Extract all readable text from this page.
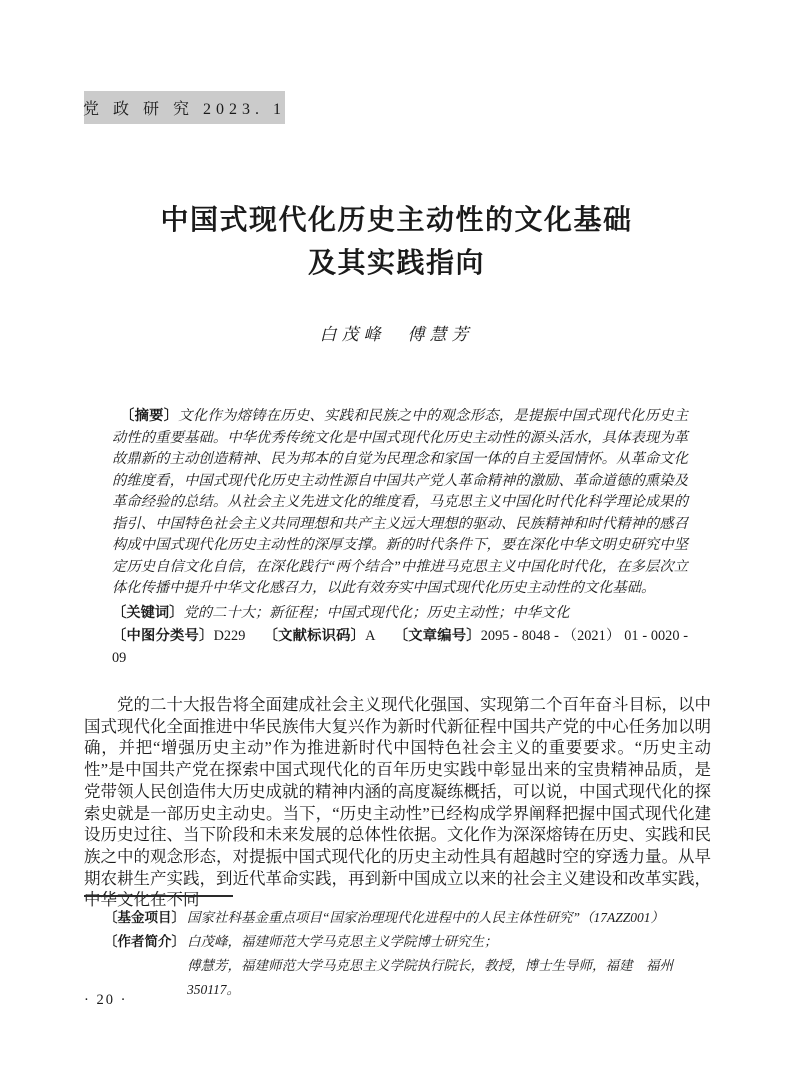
党 政 研 究 2023. 1
中国式现代化历史主动性的文化基础
及其实践指向
白茂峰　傅慧芳

〔摘要〕文化作为熔铸在历史、实践和民族之中的观念形态，是提振中国式现代化历史主动性的重要基础。中华优秀传统文化是中国式现代化历史主动性的源头活水，具体表现为革故鼎新的主动创造精神、民为邦本的自觉为民理念和家国一体的自主爱国情怀。从革命文化的维度看，中国式现代化历史主动性源自中国共产党人革命精神的激励、革命道德的熏染及革命经验的总结。从社会主义先进文化的维度看，马克思主义中国化时代化科学理论成果的指引、中国特色社会主义共同理想和共产主义远大理想的驱动、民族精神和时代精神的感召构成中国式现代化历史主动性的深厚支撑。新的时代条件下，要在深化中华文明史研究中坚定历史自信文化自信，在深化践行“两个结合”中推进马克思主义中国化时代化，在多层次立体化传播中提升中华文化感召力，以此有效夯实中国式现代化历史主动性的文化基础。

〔关键词〕党的二十大；新征程；中国式现代化；历史主动性；中华文化

〔中图分类号〕D229 〔文献标识码〕A 〔文章编号〕2095 - 8048 - （2021） 01 - 0020 - 09

党的二十大报告将全面建成社会主义现代化强国、实现第二个百年奋斗目标，以中国式现代化全面推进中华民族伟大复兴作为新时代新征程中国共产党的中心任务加以明确，并把“增强历史主动”作为推进新时代中国特色社会主义的重要要求。“历史主动性”是中国共产党在探索中国式现代化的百年历史实践中彰显出来的宝贵精神品质，是党带领人民创造伟大历史成就的精神内涵的高度凝练概括，可以说，中国式现代化的探索史就是一部历史主动史。当下，“历史主动性”已经构成学界阐释把握中国式现代化建设历史过往、当下阶段和未来发展的总体性依据。文化作为深深熔铸在历史、实践和民族之中的观念形态，对提振中国式现代化的历史主动性具有超越时空的穿透力量。从早期农耕生产实践，到近代革命实践，再到新中国成立以来的社会主义建设和改革实践，中华文化在不同

〔基金项目〕 国家社科基金重点项目“国家治理现代化进程中的人民主体性研究”（17AZZ001）
〔作者简介〕 白茂峰，福建师范大学马克思主义学院博士研究生；
傅慧芳，福建师范大学马克思主义学院执行院长，教授，博士生导师，福建　福州
350117。
· 20 ·
